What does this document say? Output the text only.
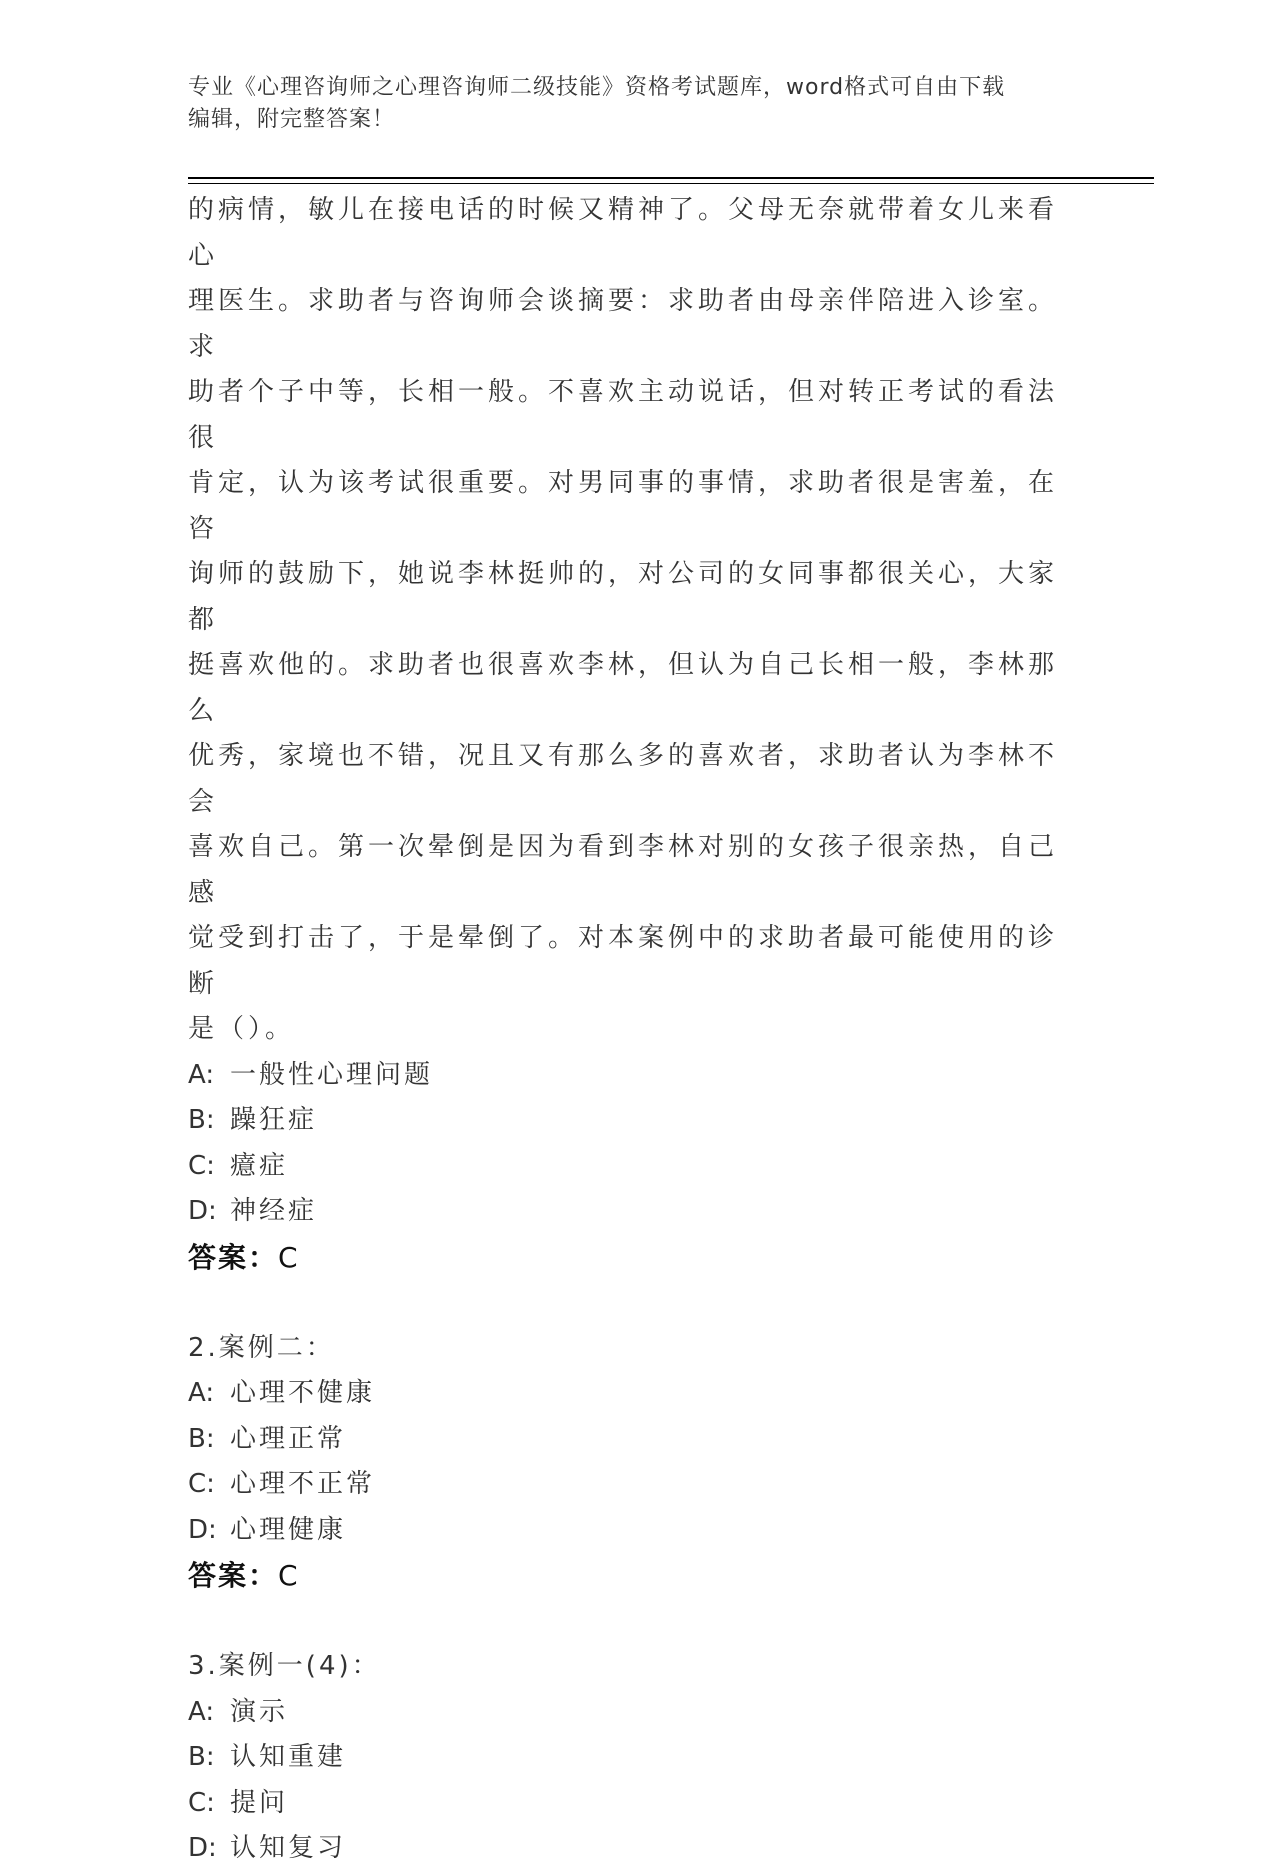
专业《心理咨询师之心理咨询师二级技能》资格考试题库，word格式可自由下载
编辑，附完整答案！

的病情，敏儿在接电话的时候又精神了。父母无奈就带着女儿来看心

理医生。求助者与咨询师会谈摘要：求助者由母亲伴陪进入诊室。求

助者个子中等，长相一般。不喜欢主动说话，但对转正考试的看法很

肯定，认为该考试很重要。对男同事的事情，求助者很是害羞，在咨

询师的鼓励下，她说李林挺帅的，对公司的女同事都很关心，大家都

挺喜欢他的。求助者也很喜欢李林，但认为自己长相一般，李林那么

优秀，家境也不错，况且又有那么多的喜欢者，求助者认为李林不会

喜欢自己。第一次晕倒是因为看到李林对别的女孩子很亲热，自己感

觉受到打击了，于是晕倒了。对本案例中的求助者最可能使用的诊断

是（）。

A: 一般性心理问题

B: 躁狂症

C: 癔症

D: 神经症

答案：C

2.案例二：

A: 心理不健康

B: 心理正常

C: 心理不正常

D: 心理健康

答案：C

3.案例一(4)：

A: 演示

B: 认知重建

C: 提问

D: 认知复习
